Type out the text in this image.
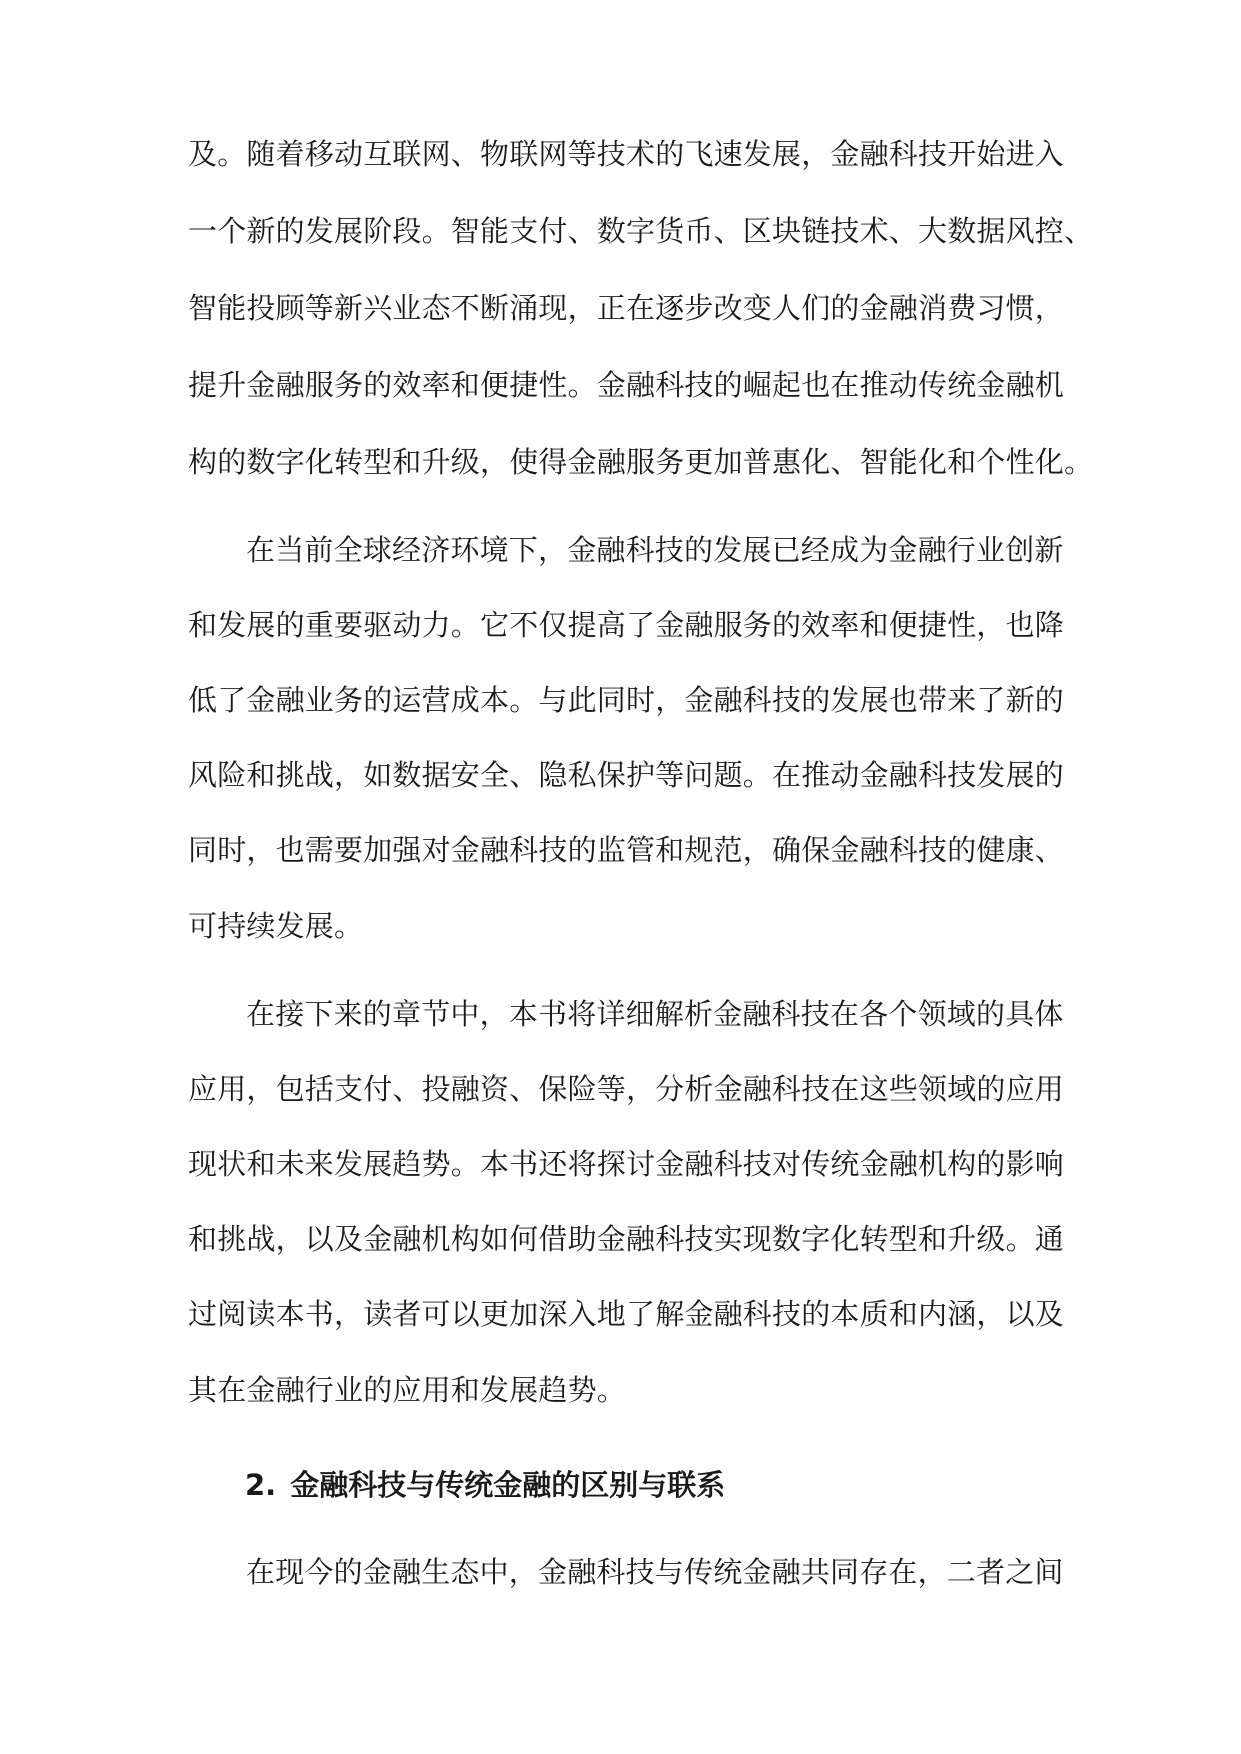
及。随着移动互联网、物联网等技术的飞速发展，金融科技开始进入
一个新的发展阶段。智能支付、数字货币、区块链技术、大数据风控、
智能投顾等新兴业态不断涌现，正在逐步改变人们的金融消费习惯，
提升金融服务的效率和便捷性。金融科技的崛起也在推动传统金融机
构的数字化转型和升级，使得金融服务更加普惠化、智能化和个性化。
在当前全球经济环境下，金融科技的发展已经成为金融行业创新
和发展的重要驱动力。它不仅提高了金融服务的效率和便捷性，也降
低了金融业务的运营成本。与此同时，金融科技的发展也带来了新的
风险和挑战，如数据安全、隐私保护等问题。在推动金融科技发展的
同时，也需要加强对金融科技的监管和规范，确保金融科技的健康、
可持续发展。
在接下来的章节中，本书将详细解析金融科技在各个领域的具体
应用，包括支付、投融资、保险等，分析金融科技在这些领域的应用
现状和未来发展趋势。本书还将探讨金融科技对传统金融机构的影响
和挑战，以及金融机构如何借助金融科技实现数字化转型和升级。通
过阅读本书，读者可以更加深入地了解金融科技的本质和内涵，以及
其在金融行业的应用和发展趋势。
2. 金融科技与传统金融的区别与联系
在现今的金融生态中，金融科技与传统金融共同存在，二者之间
